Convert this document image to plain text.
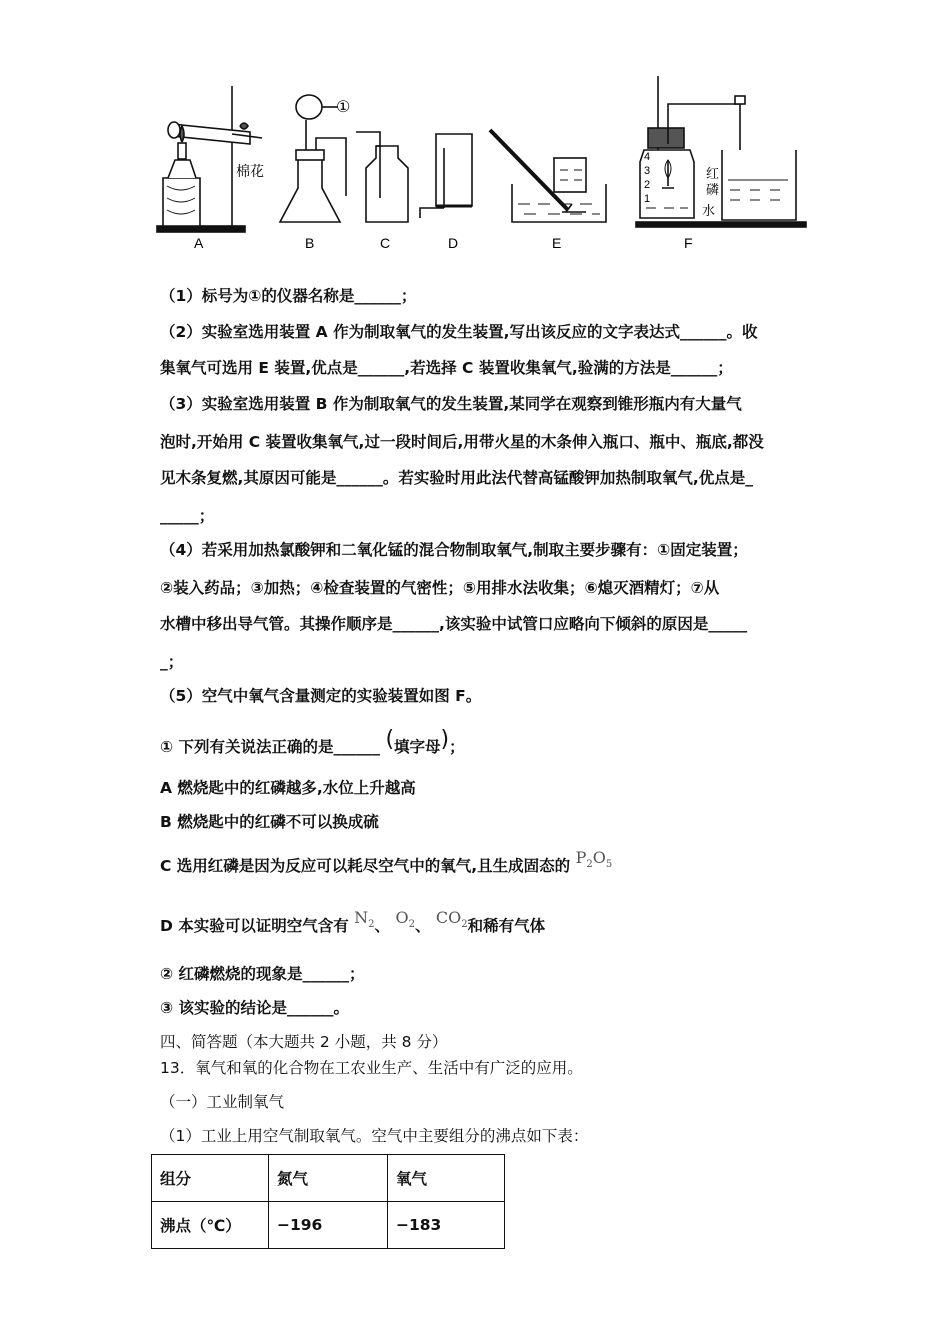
A	B	C	D	E	F
①
棉花	红
磷
水
4
3
2
1
（1）标号为①的仪器名称是______；
（2）实验室选用装置 A 作为制取氧气的发生装置,写出该反应的文字表达式______。收
集氧气可选用 E 装置,优点是______,若选择 C 装置收集氧气,验满的方法是______；
（3）实验室选用装置 B 作为制取氧气的发生装置,某同学在观察到锥形瓶内有大量气
泡时,开始用 C 装置收集氧气,过一段时间后,用带火星的木条伸入瓶口、瓶中、瓶底,都没
见木条复燃,其原因可能是______。若实验时用此法代替高锰酸钾加热制取氧气,优点是_
_____；
（4）若采用加热氯酸钾和二氧化锰的混合物制取氧气,制取主要步骤有：①固定装置；
②装入药品；③加热；④检查装置的气密性；⑤用排水法收集；⑥熄灭酒精灯；⑦从
水槽中移出导气管。其操作顺序是______,该实验中试管口应略向下倾斜的原因是_____
_；
（5）空气中氧气含量测定的实验装置如图 F。
① 下列有关说法正确的是______ (填字母)；
A 燃烧匙中的红磷越多,水位上升越高
B 燃烧匙中的红磷不可以换成硫
C 选用红磷是因为反应可以耗尽空气中的氧气,且生成固态的 $P_2O_5$
D 本实验可以证明空气含有 $N_2$、 $O_2$、 $CO_2$和稀有气体
② 红磷燃烧的现象是______；
③ 该实验的结论是______。
四、简答题（本大题共 2 小题，共 8 分）
13．氧气和氧的化合物在工农业生产、生活中有广泛的应用。
（一）工业制氧气
（1）工业上用空气制取氧气。空气中主要组分的沸点如下表：
组分	氮气	氧气
沸点（℃）	−196	−183
